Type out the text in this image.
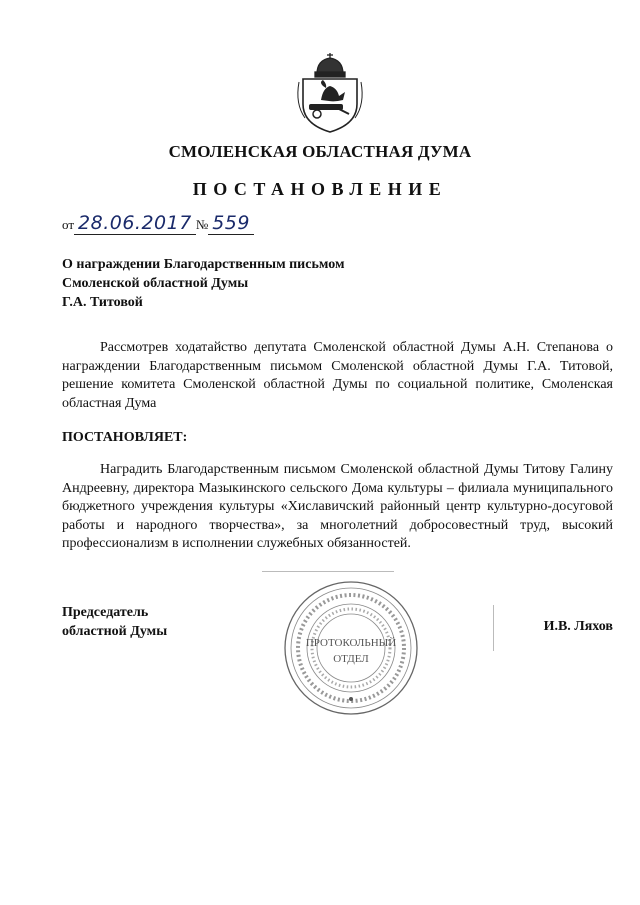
СМОЛЕНСКАЯ ОБЛАСТНАЯ ДУМА
ПОСТАНОВЛЕНИЕ
от 28.06.2017 № 559
О награждении Благодарственным письмом
Смоленской областной Думы
Г.А. Титовой
Рассмотрев ходатайство депутата Смоленской областной Думы А.Н. Степанова о награждении Благодарственным письмом Смоленской областной Думы Г.А. Титовой, решение комитета Смоленской областной Думы по социальной политике, Смоленская областная Дума
ПОСТАНОВЛЯЕТ:
Наградить Благодарственным письмом Смоленской областной Думы Титову Галину Андреевну, директора Мазыкинского сельского Дома культуры – филиала муниципального бюджетного учреждения культуры «Хиславичский районный центр культурно-досуговой работы и народного творчества», за многолетний добросовестный труд, высокий профессионализм в исполнении служебных обязанностей.
Председатель
областной Думы
ПРОТОКОЛЬНЫЙ
ОТДЕЛ
И.В. Ляхов
